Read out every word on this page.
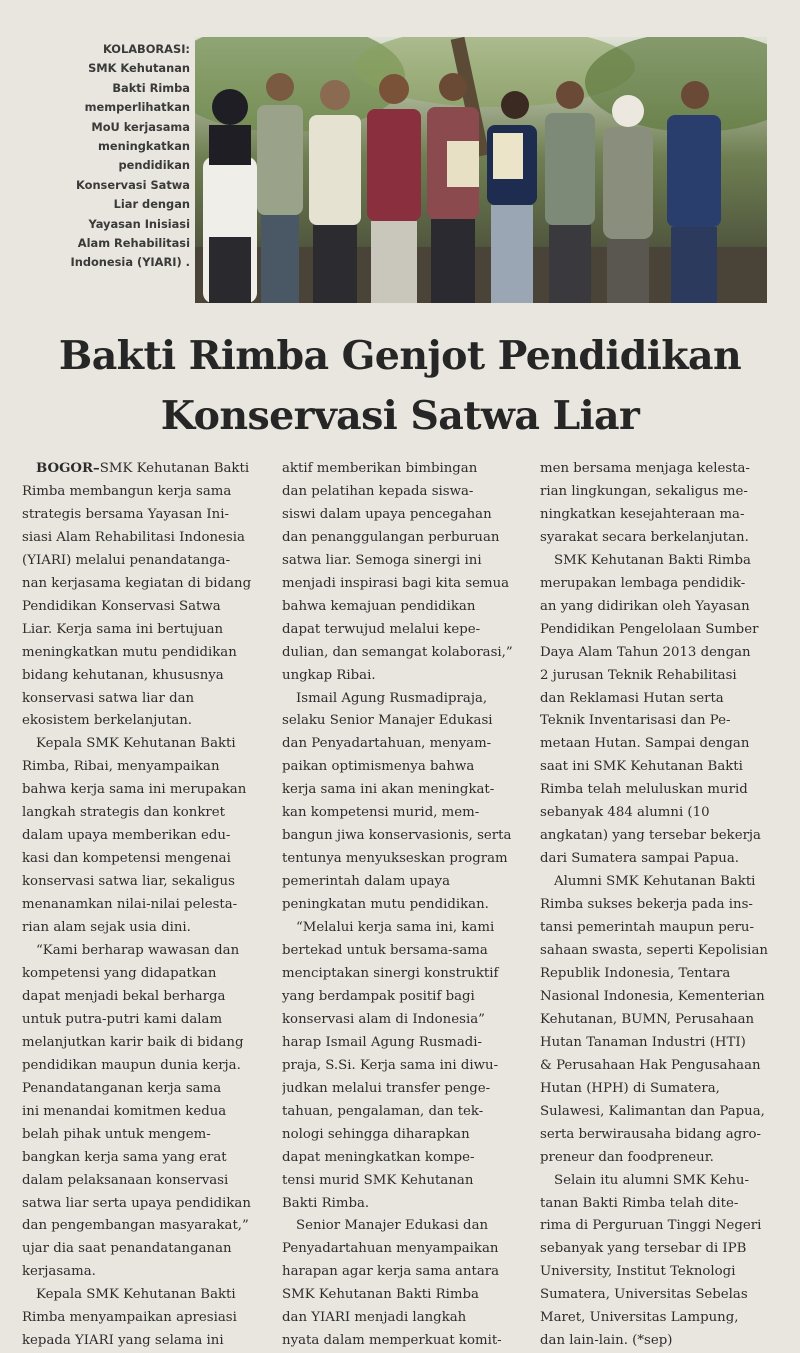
KOLABORASI:
SMK Kehutanan
Bakti Rimba
memperlihatkan
MoU kerjasama
meningkatkan
pendidikan
Konservasi Satwa
Liar dengan
Yayasan Inisiasi
Alam Rehabilitasi
Indonesia (YIARI) .
Bakti Rimba Genjot Pendidikan
Konservasi Satwa Liar

BOGOR–SMK Kehutanan Bakti
Rimba membangun kerja sama
strategis bersama Yayasan Ini-
siasi Alam Rehabilitasi Indonesia
(YIARI) melalui penandatanga-
nan kerjasama kegiatan di bidang
Pendidikan Konservasi Satwa
Liar. Kerja sama ini bertujuan
meningkatkan mutu pendidikan
bidang kehutanan, khususnya
konservasi satwa liar dan
ekosistem berkelanjutan.

Kepala SMK Kehutanan Bakti
Rimba, Ribai, menyampaikan
bahwa kerja sama ini merupakan
langkah strategis dan konkret
dalam upaya memberikan edu-
kasi dan kompetensi mengenai
konservasi satwa liar, sekaligus
menanamkan nilai-nilai pelesta-
rian alam sejak usia dini.

“Kami berharap wawasan dan
kompetensi yang didapatkan
dapat menjadi bekal berharga
untuk putra-putri kami dalam
melanjutkan karir baik di bidang
pendidikan maupun dunia kerja.
Penandatanganan kerja sama
ini menandai komitmen kedua
belah pihak untuk mengem-
bangkan kerja sama yang erat
dalam pelaksanaan konservasi
satwa liar serta upaya pendidikan
dan pengembangan masyarakat,”
ujar dia saat penandatanganan
kerjasama.

Kepala SMK Kehutanan Bakti
Rimba menyampaikan apresiasi
kepada YIARI yang selama ini

aktif memberikan bimbingan
dan pelatihan kepada siswa-
siswi dalam upaya pencegahan
dan penanggulangan perburuan
satwa liar. Semoga sinergi ini
menjadi inspirasi bagi kita semua
bahwa kemajuan pendidikan
dapat terwujud melalui kepe-
dulian, dan semangat kolaborasi,”
ungkap Ribai.

Ismail Agung Rusmadipraja,
selaku Senior Manajer Edukasi
dan Penyadartahuan, menyam-
paikan optimismenya bahwa
kerja sama ini akan meningkat-
kan kompetensi murid, mem-
bangun jiwa konservasionis, serta
tentunya menyukseskan program
pemerintah dalam upaya
peningkatan mutu pendidikan.

“Melalui kerja sama ini, kami
bertekad untuk bersama-sama
menciptakan sinergi konstruktif
yang berdampak positif bagi
konservasi alam di Indonesia”
harap Ismail Agung Rusmadi-
praja, S.Si. Kerja sama ini diwu-
judkan melalui transfer penge-
tahuan, pengalaman, dan tek-
nologi sehingga diharapkan
dapat meningkatkan kompe-
tensi murid SMK Kehutanan
Bakti Rimba.

Senior Manajer Edukasi dan
Penyadartahuan menyampaikan
harapan agar kerja sama antara
SMK Kehutanan Bakti Rimba
dan YIARI menjadi langkah
nyata dalam memperkuat komit-

men bersama menjaga kelesta-
rian lingkungan, sekaligus me-
ningkatkan kesejahteraan ma-
syarakat secara berkelanjutan.

SMK Kehutanan Bakti Rimba
merupakan lembaga pendidik-
an yang didirikan oleh Yayasan
Pendidikan Pengelolaan Sumber
Daya Alam Tahun 2013 dengan
2 jurusan Teknik Rehabilitasi
dan Reklamasi Hutan serta
Teknik Inventarisasi dan Pe-
metaan Hutan. Sampai dengan
saat ini SMK Kehutanan Bakti
Rimba telah meluluskan murid
sebanyak 484 alumni (10
angkatan) yang tersebar bekerja
dari Sumatera sampai Papua.

Alumni SMK Kehutanan Bakti
Rimba sukses bekerja pada ins-
tansi pemerintah maupun peru-
sahaan swasta, seperti Kepolisian
Republik Indonesia, Tentara
Nasional Indonesia, Kementerian
Kehutanan, BUMN, Perusahaan
Hutan Tanaman Industri (HTI)
& Perusahaan Hak Pengusahaan
Hutan (HPH) di Sumatera,
Sulawesi, Kalimantan dan Papua,
serta berwirausaha bidang agro-
preneur dan foodpreneur.

Selain itu alumni SMK Kehu-
tanan Bakti Rimba telah dite-
rima di Perguruan Tinggi Negeri
sebanyak yang tersebar di IPB
University, Institut Teknologi
Sumatera, Universitas Sebelas
Maret, Universitas Lampung,
dan lain-lain. (*sep)
